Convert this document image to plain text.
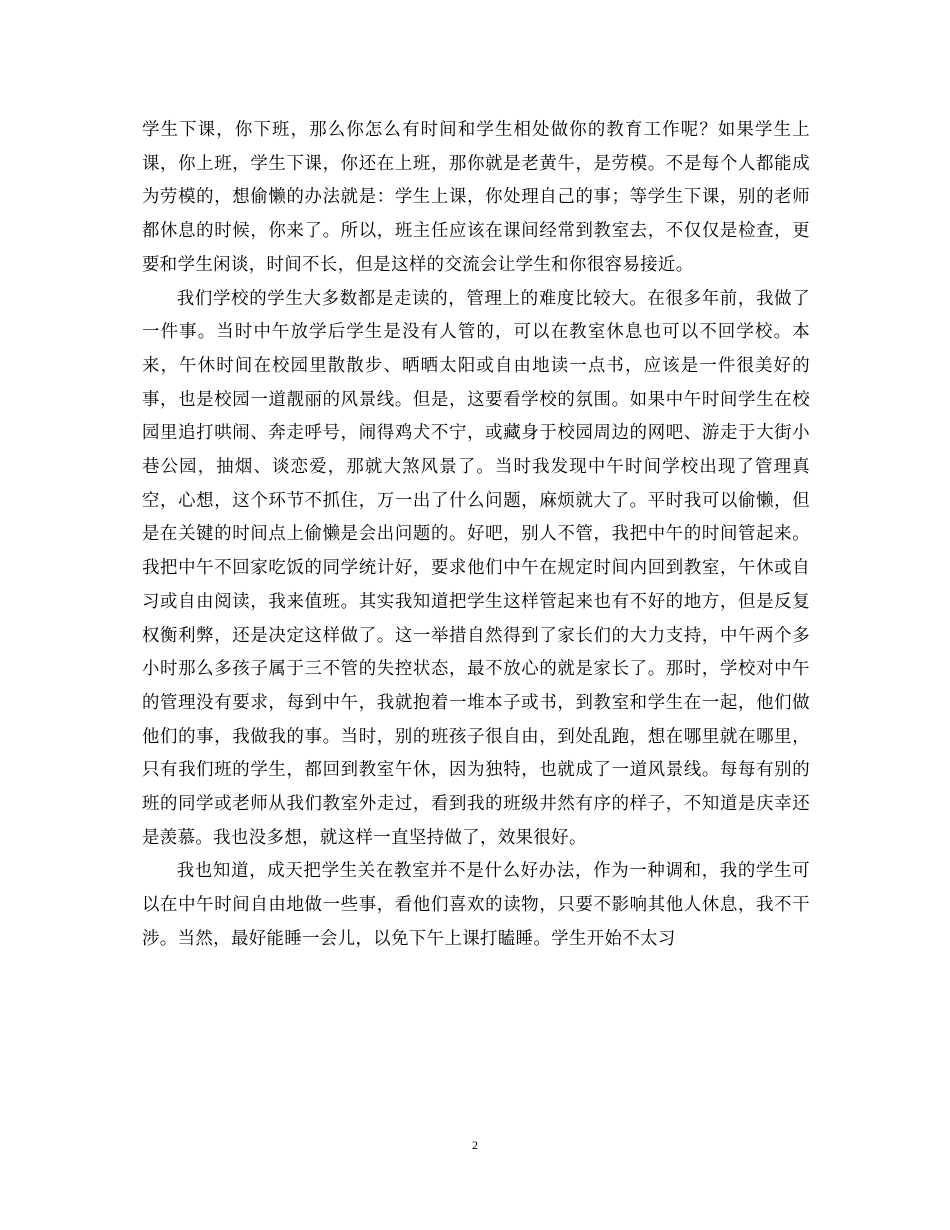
学生下课，你下班，那么你怎么有时间和学生相处做你的教育工作呢？如果学生上课，你上班，学生下课，你还在上班，那你就是老黄牛，是劳模。不是每个人都能成为劳模的，想偷懒的办法就是：学生上课，你处理自己的事；等学生下课，别的老师都休息的时候，你来了。所以，班主任应该在课间经常到教室去，不仅仅是检查，更要和学生闲谈，时间不长，但是这样的交流会让学生和你很容易接近。

我们学校的学生大多数都是走读的，管理上的难度比较大。在很多年前，我做了一件事。当时中午放学后学生是没有人管的，可以在教室休息也可以不回学校。本来，午休时间在校园里散散步、晒晒太阳或自由地读一点书，应该是一件很美好的事，也是校园一道靓丽的风景线。但是，这要看学校的氛围。如果中午时间学生在校园里追打哄闹、奔走呼号，闹得鸡犬不宁，或藏身于校园周边的网吧、游走于大街小巷公园，抽烟、谈恋爱，那就大煞风景了。当时我发现中午时间学校出现了管理真空，心想，这个环节不抓住，万一出了什么问题，麻烦就大了。平时我可以偷懒，但是在关键的时间点上偷懒是会出问题的。好吧，别人不管，我把中午的时间管起来。我把中午不回家吃饭的同学统计好，要求他们中午在规定时间内回到教室，午休或自习或自由阅读，我来值班。其实我知道把学生这样管起来也有不好的地方，但是反复权衡利弊，还是决定这样做了。这一举措自然得到了家长们的大力支持，中午两个多小时那么多孩子属于三不管的失控状态，最不放心的就是家长了。那时，学校对中午的管理没有要求，每到中午，我就抱着一堆本子或书，到教室和学生在一起，他们做他们的事，我做我的事。当时，别的班孩子很自由，到处乱跑，想在哪里就在哪里，只有我们班的学生，都回到教室午休，因为独特，也就成了一道风景线。每每有别的班的同学或老师从我们教室外走过，看到我的班级井然有序的样子，不知道是庆幸还是羡慕。我也没多想，就这样一直坚持做了，效果很好。

我也知道，成天把学生关在教室并不是什么好办法，作为一种调和，我的学生可以在中午时间自由地做一些事，看他们喜欢的读物，只要不影响其他人休息，我不干涉。当然，最好能睡一会儿，以免下午上课打瞌睡。学生开始不太习

2
